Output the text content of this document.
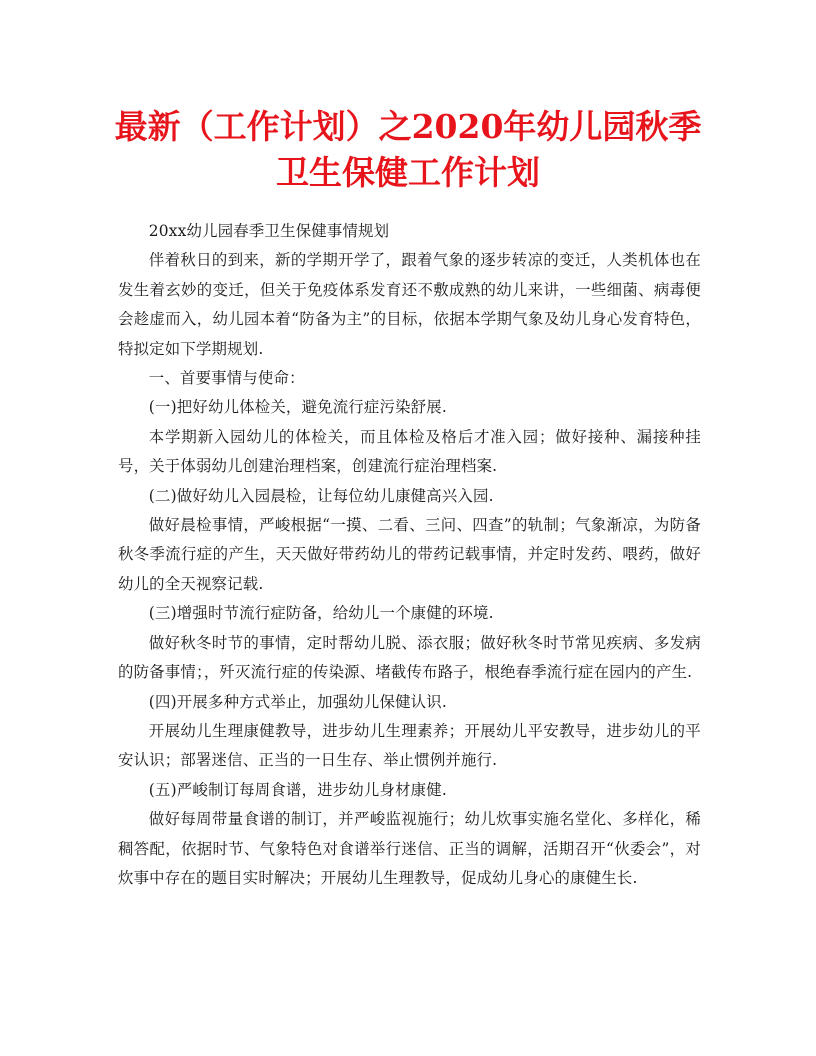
最新（工作计划）之2020年幼儿园秋季
卫生保健工作计划

20xx幼儿园春季卫生保健事情规划

伴着秋日的到来，新的学期开学了，跟着气象的逐步转凉的变迁，人类机体也在发生着玄妙的变迁，但关于免疫体系发育还不敷成熟的幼儿来讲，一些细菌、病毒便会趁虚而入，幼儿园本着“防备为主”的目标，依据本学期气象及幼儿身心发育特色，特拟定如下学期规划.

一、首要事情与使命：

(一)把好幼儿体检关，避免流行症污染舒展.

本学期新入园幼儿的体检关，而且体检及格后才准入园；做好接种、漏接种挂号，关于体弱幼儿创建治理档案，创建流行症治理档案.

(二)做好幼儿入园晨检，让每位幼儿康健高兴入园.

做好晨检事情，严峻根据“一摸、二看、三问、四查”的轨制；气象渐凉，为防备秋冬季流行症的产生，天天做好带药幼儿的带药记载事情，并定时发药、喂药，做好幼儿的全天视察记载.

(三)增强时节流行症防备，给幼儿一个康健的环境.

做好秋冬时节的事情，定时帮幼儿脱、添衣服；做好秋冬时节常见疾病、多发病的防备事情；，歼灭流行症的传染源、堵截传布路子，根绝春季流行症在园内的产生.

(四)开展多种方式举止，加强幼儿保健认识.

开展幼儿生理康健教导，进步幼儿生理素养；开展幼儿平安教导，进步幼儿的平安认识；部署迷信、正当的一日生存、举止惯例并施行.

(五)严峻制订每周食谱，进步幼儿身材康健.

做好每周带量食谱的制订，并严峻监视施行；幼儿炊事实施名堂化、多样化，稀稠答配，依据时节、气象特色对食谱举行迷信、正当的调解，活期召开“伙委会”，对炊事中存在的题目实时解决；开展幼儿生理教导，促成幼儿身心的康健生长.
